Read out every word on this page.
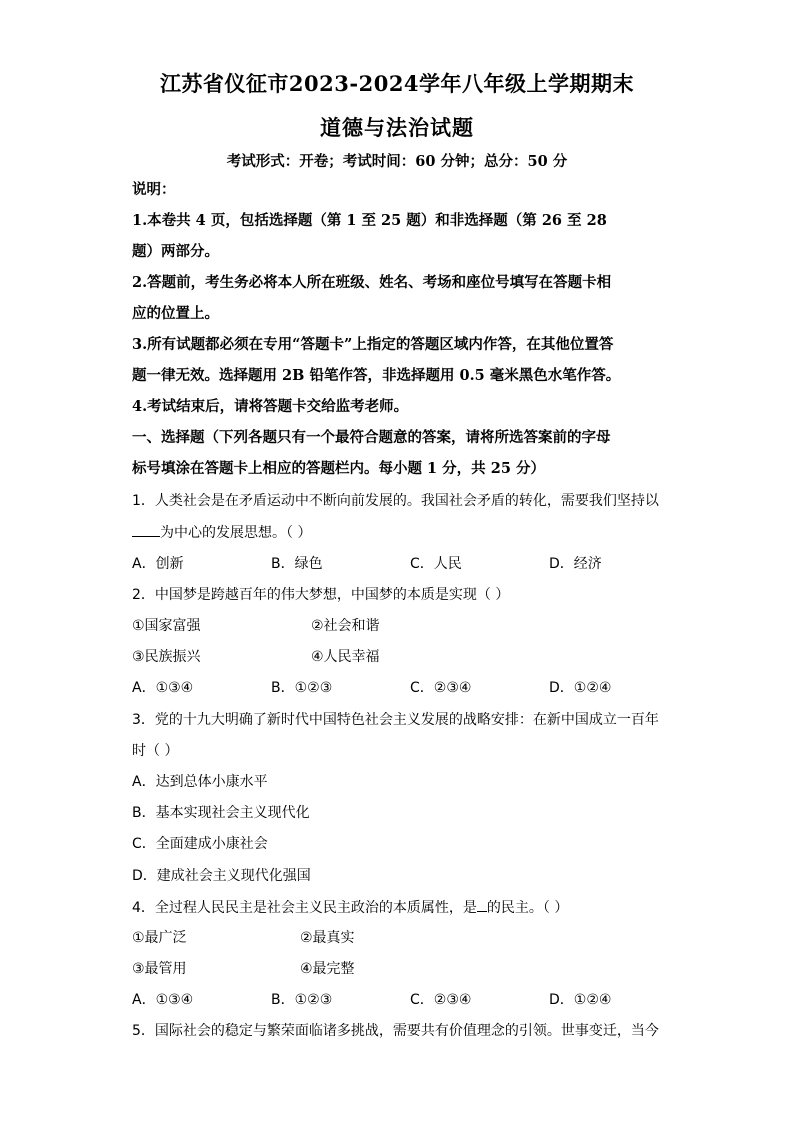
江苏省仪征市2023-2024学年八年级上学期期末
道德与法治试题
考试形式：开卷；考试时间：60 分钟；总分：50 分
说明：
1.本卷共 4 页，包括选择题（第 1 至 25 题）和非选择题（第 26 至 28
题）两部分。
2.答题前，考生务必将本人所在班级、姓名、考场和座位号填写在答题卡相
应的位置上。
3.所有试题都必须在专用“答题卡”上指定的答题区域内作答，在其他位置答
题一律无效。选择题用 2B 铅笔作答，非选择题用 0.5 毫米黑色水笔作答。
4.考试结束后，请将答题卡交给监考老师。
一、选择题（下列各题只有一个最符合题意的答案，请将所选答案前的字母
标号填涂在答题卡上相应的答题栏内。每小题 1 分，共 25 分）
1．人类社会是在矛盾运动中不断向前发展的。我国社会矛盾的转化，需要我们坚持以
为中心的发展思想。（ ）
A．创新	B．绿色	C．人民	D．经济
2．中国梦是跨越百年的伟大梦想，中国梦的本质是实现（ ）
①国家富强	②社会和谐
③民族振兴	④人民幸福
A．①③④	B．①②③	C．②③④	D．①②④
3．党的十九大明确了新时代中国特色社会主义发展的战略安排：在新中国成立一百年
时（ ）
A．达到总体小康水平
B．基本实现社会主义现代化
C．全面建成小康社会
D．建成社会主义现代化强国
4．全过程人民民主是社会主义民主政治的本质属性，是 的民主。（ ）
①最广泛	②最真实
③最管用	④最完整
A．①③④	B．①②③	C．②③④	D．①②④
5．国际社会的稳定与繁荣面临诸多挑战，需要共有价值理念的引领。世事变迁，当今
